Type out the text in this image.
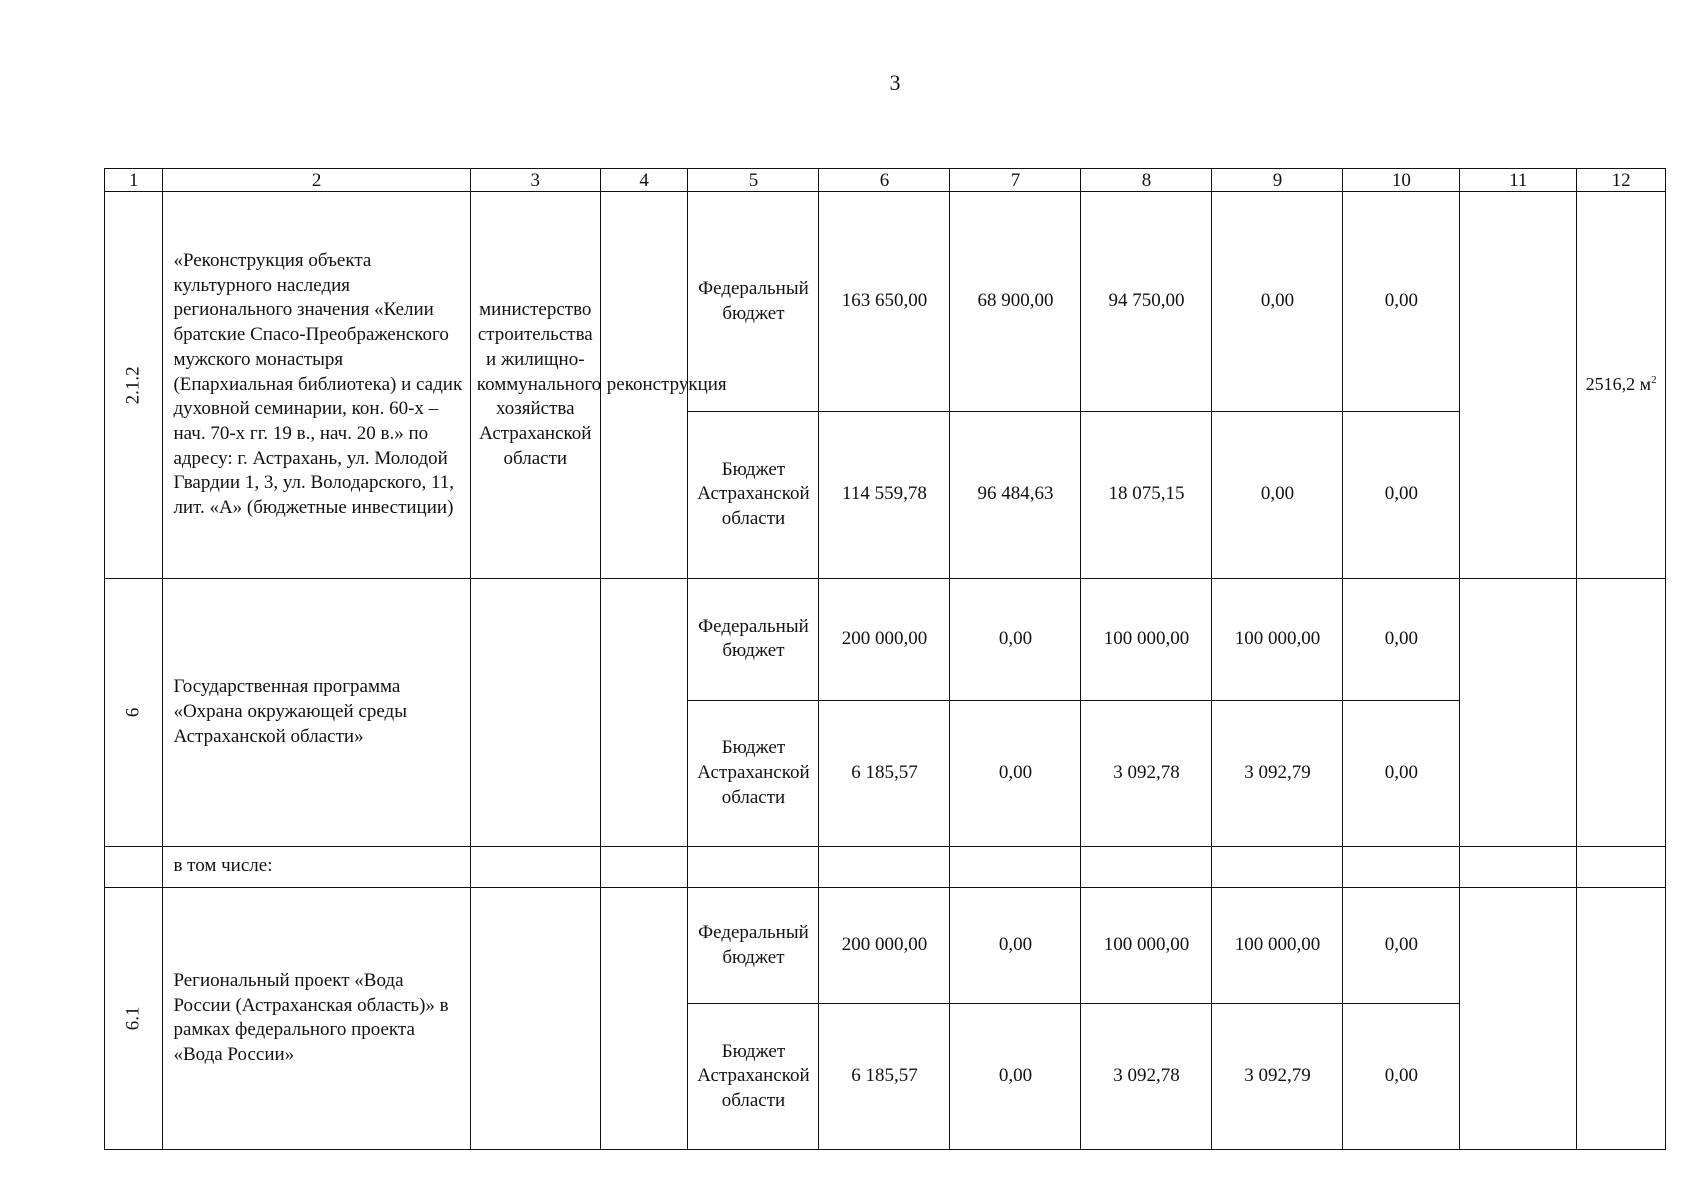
3
1	2	3	4	5	6	7	8	9	10	11	12
2.1.2	«Реконструкция объекта культурного наследия регионального значения «Келии братские Спасо-Преображенского мужского монастыря (Епархиальная библиотека) и садик духовной семинарии, кон. 60-х – нач. 70-х гг. 19 в., нач. 20 в.» по адресу: г. Астрахань, ул. Молодой Гвардии 1, 3, ул. Володарского, 11, лит. «А» (бюджетные инвестиции)	министерство строительства и жилищно-коммунального хозяйства Астраханской области	реконструкция	Федеральный бюджет	163 650,00	68 900,00	94 750,00	0,00	0,00		2516,2 $м^2$
				Бюджет Астраханской области	114 559,78	96 484,63	18 075,15	0,00	0,00		
6	Государственная программа «Охрана окружающей среды Астраханской области»			Федеральный бюджет	200 000,00	0,00	100 000,00	100 000,00	0,00		
				Бюджет Астраханской области	6 185,57	0,00	3 092,78	3 092,79	0,00		
	в том числе:										
6.1	Региональный проект «Вода России (Астраханская область)» в рамках федерального проекта «Вода России»			Федеральный бюджет	200 000,00	0,00	100 000,00	100 000,00	0,00		
				Бюджет Астраханской области	6 185,57	0,00	3 092,78	3 092,79	0,00		
